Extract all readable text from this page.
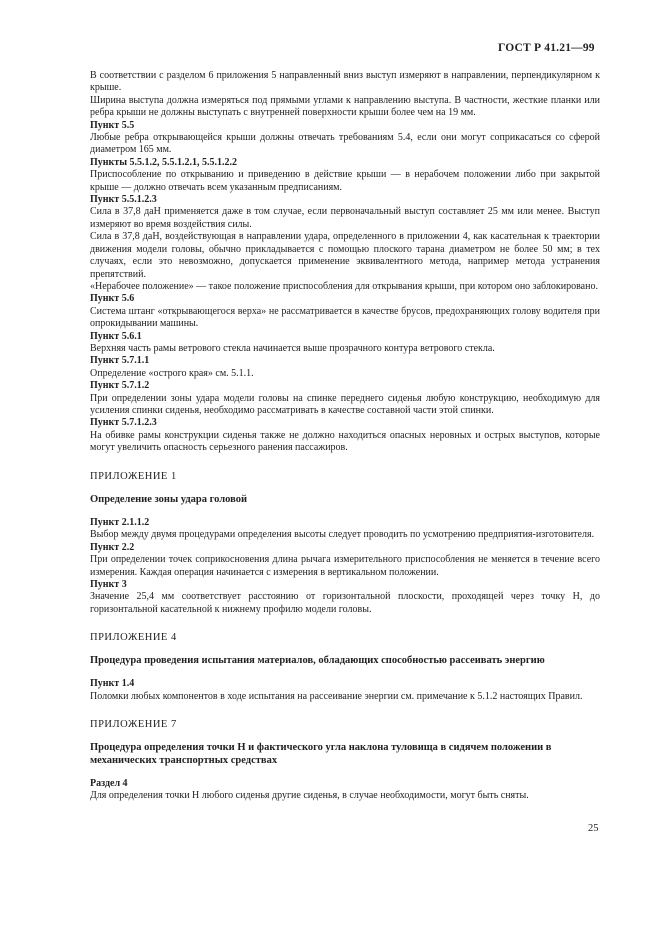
ГОСТ Р 41.21—99

В соответствии с разделом 6 приложения 5 направленный вниз выступ измеряют в направлении, перпендикулярном к крыше.

Ширина выступа должна измеряться под прямыми углами к направлению выступа. В частности, жесткие планки или ребра крыши не должны выступать с внутренней поверхности крыши более чем на 19 мм.

Пункт 5.5

Любые ребра открывающейся крыши должны отвечать требованиям 5.4, если они могут соприкасаться со сферой диаметром 165 мм.

Пункты 5.5.1.2, 5.5.1.2.1, 5.5.1.2.2

Приспособление по открыванию и приведению в действие крыши — в нерабочем положении либо при закрытой крыше — должно отвечать всем указанным предписаниям.

Пункт 5.5.1.2.3

Сила в 37,8 даН применяется даже в том случае, если первоначальный выступ составляет 25 мм или менее. Выступ измеряют во время воздействия силы.

Сила в 37,8 даН, воздействующая в направлении удара, определенного в приложении 4, как касательная к траектории движения модели головы, обычно прикладывается с помощью плоского тарана диаметром не более 50 мм; в тех случаях, если это невозможно, допускается применение эквивалентного метода, например метода устранения препятствий.

«Нерабочее положение» — такое положение приспособления для открывания крыши, при котором оно заблокировано.

Пункт 5.6

Система штанг «открывающегося верха» не рассматривается в качестве брусов, предохраняющих голову водителя при опрокидывании машины.

Пункт 5.6.1

Верхняя часть рамы ветрового стекла начинается выше прозрачного контура ветрового стекла.

Пункт 5.7.1.1

Определение «острого края» см. 5.1.1.

Пункт 5.7.1.2

При определении зоны удара модели головы на спинке переднего сиденья любую конструкцию, необходимую для усиления спинки сиденья, необходимо рассматривать в качестве составной части этой спинки.

Пункт 5.7.1.2.3

На обивке рамы конструкции сиденья также не должно находиться опасных неровных и острых выступов, которые могут увеличить опасность серьезного ранения пассажиров.

ПРИЛОЖЕНИЕ 1

Определение зоны удара головой

Пункт 2.1.1.2

Выбор между двумя процедурами определения высоты следует проводить по усмотрению предприятия-изготовителя.

Пункт 2.2

При определении точек соприкосновения длина рычага измерительного приспособления не меняется в течение всего измерения. Каждая операция начинается с измерения в вертикальном положении.

Пункт 3

Значение 25,4 мм соответствует расстоянию от горизонтальной плоскости, проходящей через точку H, до горизонтальной касательной к нижнему профилю модели головы.

ПРИЛОЖЕНИЕ 4

Процедура проведения испытания материалов, обладающих способностью рассеивать энергию

Пункт 1.4

Поломки любых компонентов в ходе испытания на рассеивание энергии см. примечание к 5.1.2 настоящих Правил.

ПРИЛОЖЕНИЕ 7

Процедура определения точки H и фактического угла наклона туловища в сидячем положении в механических транспортных средствах

Раздел 4

Для определения точки H любого сиденья другие сиденья, в случае необходимости, могут быть сняты.

25
